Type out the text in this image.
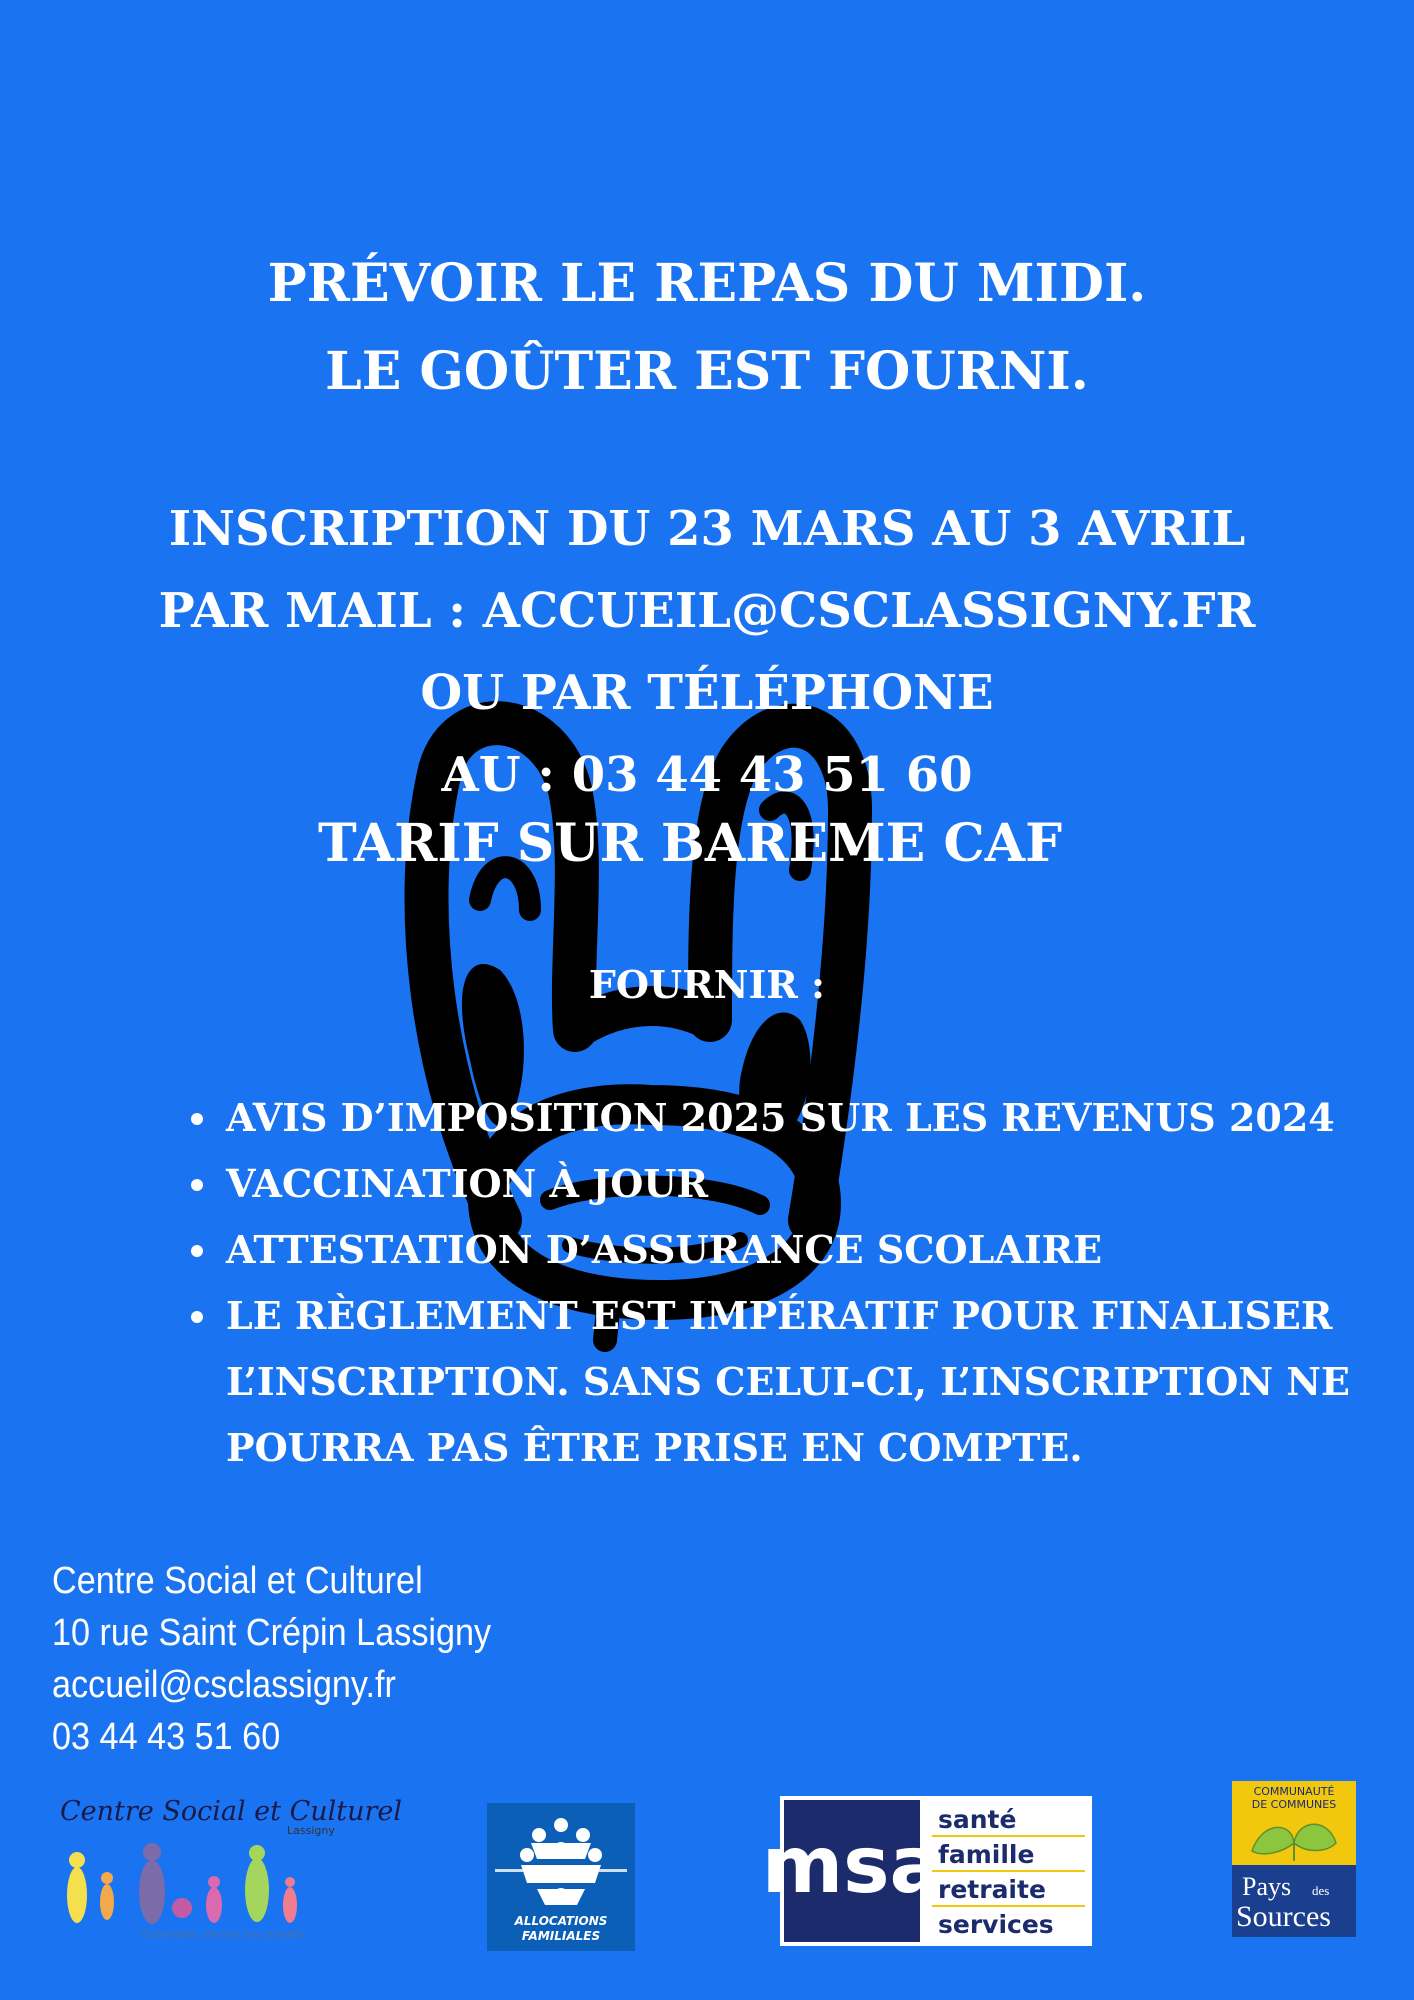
PRÉVOIR LE REPAS DU MIDI.
LE GOÛTER EST FOURNI.
INSCRIPTION DU 23 MARS AU 3 AVRIL
PAR MAIL : ACCUEIL@CSCLASSIGNY.FR
OU PAR TÉLÉPHONE
AU : 03 44 43 51 60
TARIF SUR BAREME CAF
FOURNIR :
• AVIS D’IMPOSITION 2025 SUR LES REVENUS 2024
• VACCINATION À JOUR
• ATTESTATION D’ASSURANCE SCOLAIRE
• LE RÈGLEMENT EST IMPÉRATIF POUR FINALISER L’INSCRIPTION. SANS CELUI-CI, L’INSCRIPTION NE POURRA PAS ÊTRE PRISE EN COMPTE.
Centre Social et Culturel
10 rue Saint Crépin Lassigny
accueil@csclassigny.fr
03 44 43 51 60
Centre Social et Culturel
Lassigny
Ensemble, Vivons nos projets
ALLOCATIONS
FAMILIALES
msa
santé
famille
retraite
services
COMMUNAUTÉ
DE COMMUNES
Pays des
Sources
